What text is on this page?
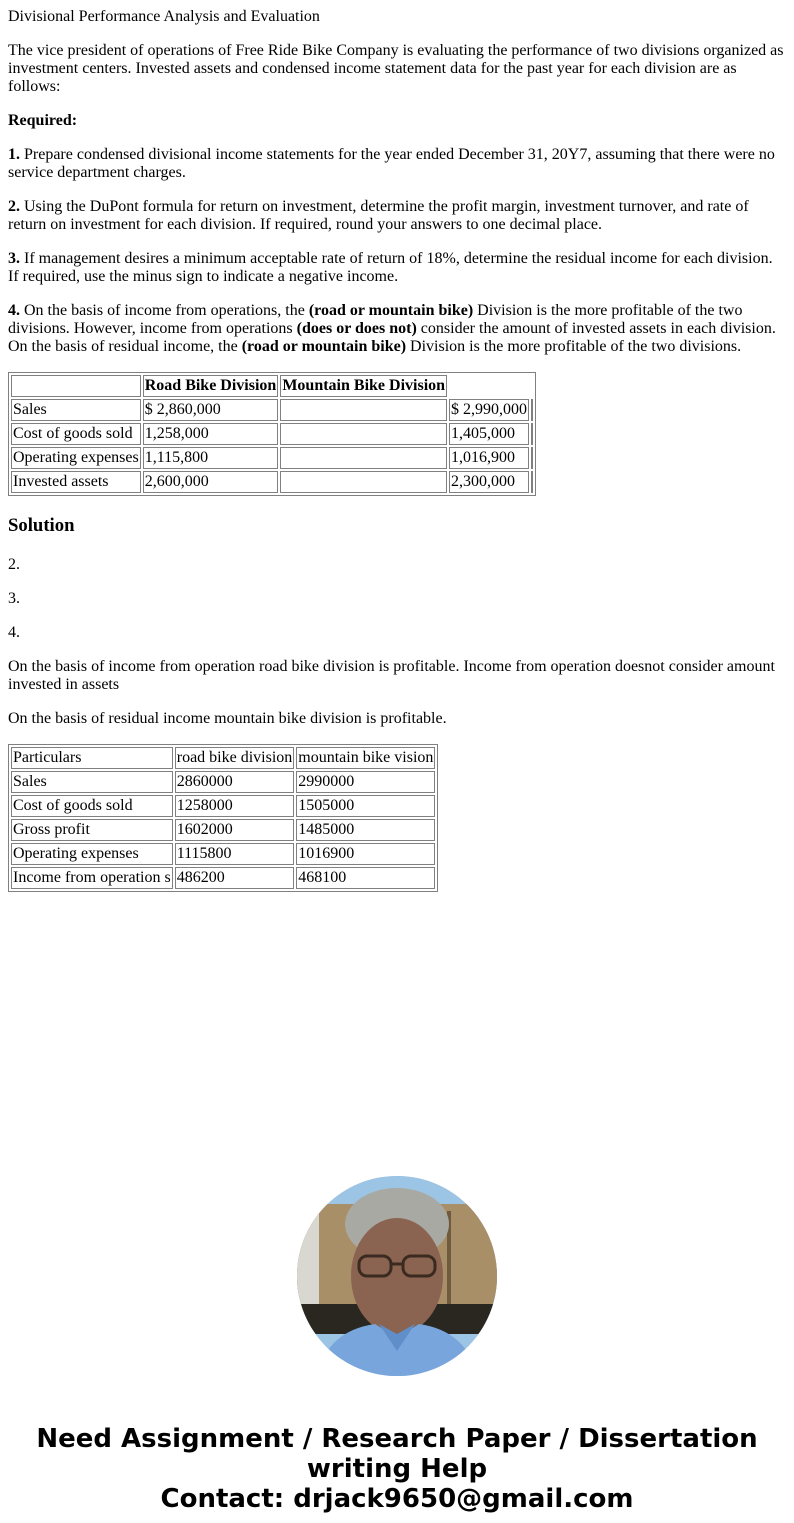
Divisional Performance Analysis and Evaluation

The vice president of operations of Free Ride Bike Company is evaluating the performance of two divisions organized as investment centers. Invested assets and condensed income statement data for the past year for each division are as follows:

Required:

1. Prepare condensed divisional income statements for the year ended December 31, 20Y7, assuming that there were no service department charges.

2. Using the DuPont formula for return on investment, determine the profit margin, investment turnover, and rate of return on investment for each division. If required, round your answers to one decimal place.

3. If management desires a minimum acceptable rate of return of 18%, determine the residual income for each division. If required, use the minus sign to indicate a negative income.

4. On the basis of income from operations, the (road or mountain bike) Division is the more profitable of the two divisions. However, income from operations (does or does not) consider the amount of invested assets in each division. On the basis of residual income, the (road or mountain bike) Division is the more profitable of the two divisions.

	Road Bike Division	Mountain Bike Division		
Sales	$ 2,860,000		$ 2,990,000	
Cost of goods sold	1,258,000		1,405,000	
Operating expenses	1,115,800		1,016,900	
Invested assets	2,600,000		2,300,000	
Solution

2.

3.

4.

On the basis of income from operation road bike division is profitable. Income from operation doesnot consider amount invested in assets

On the basis of residual income mountain bike division is profitable.

Particulars	road bike division	mountain bike vision
Sales	2860000	2990000
Cost of goods sold	1258000	1505000
Gross profit	1602000	1485000
Operating expenses	1115800	1016900
Income from operation s	486200	468100
Need Assignment / Research Paper / Dissertation writing Help
Contact: drjack9650@gmail.com
